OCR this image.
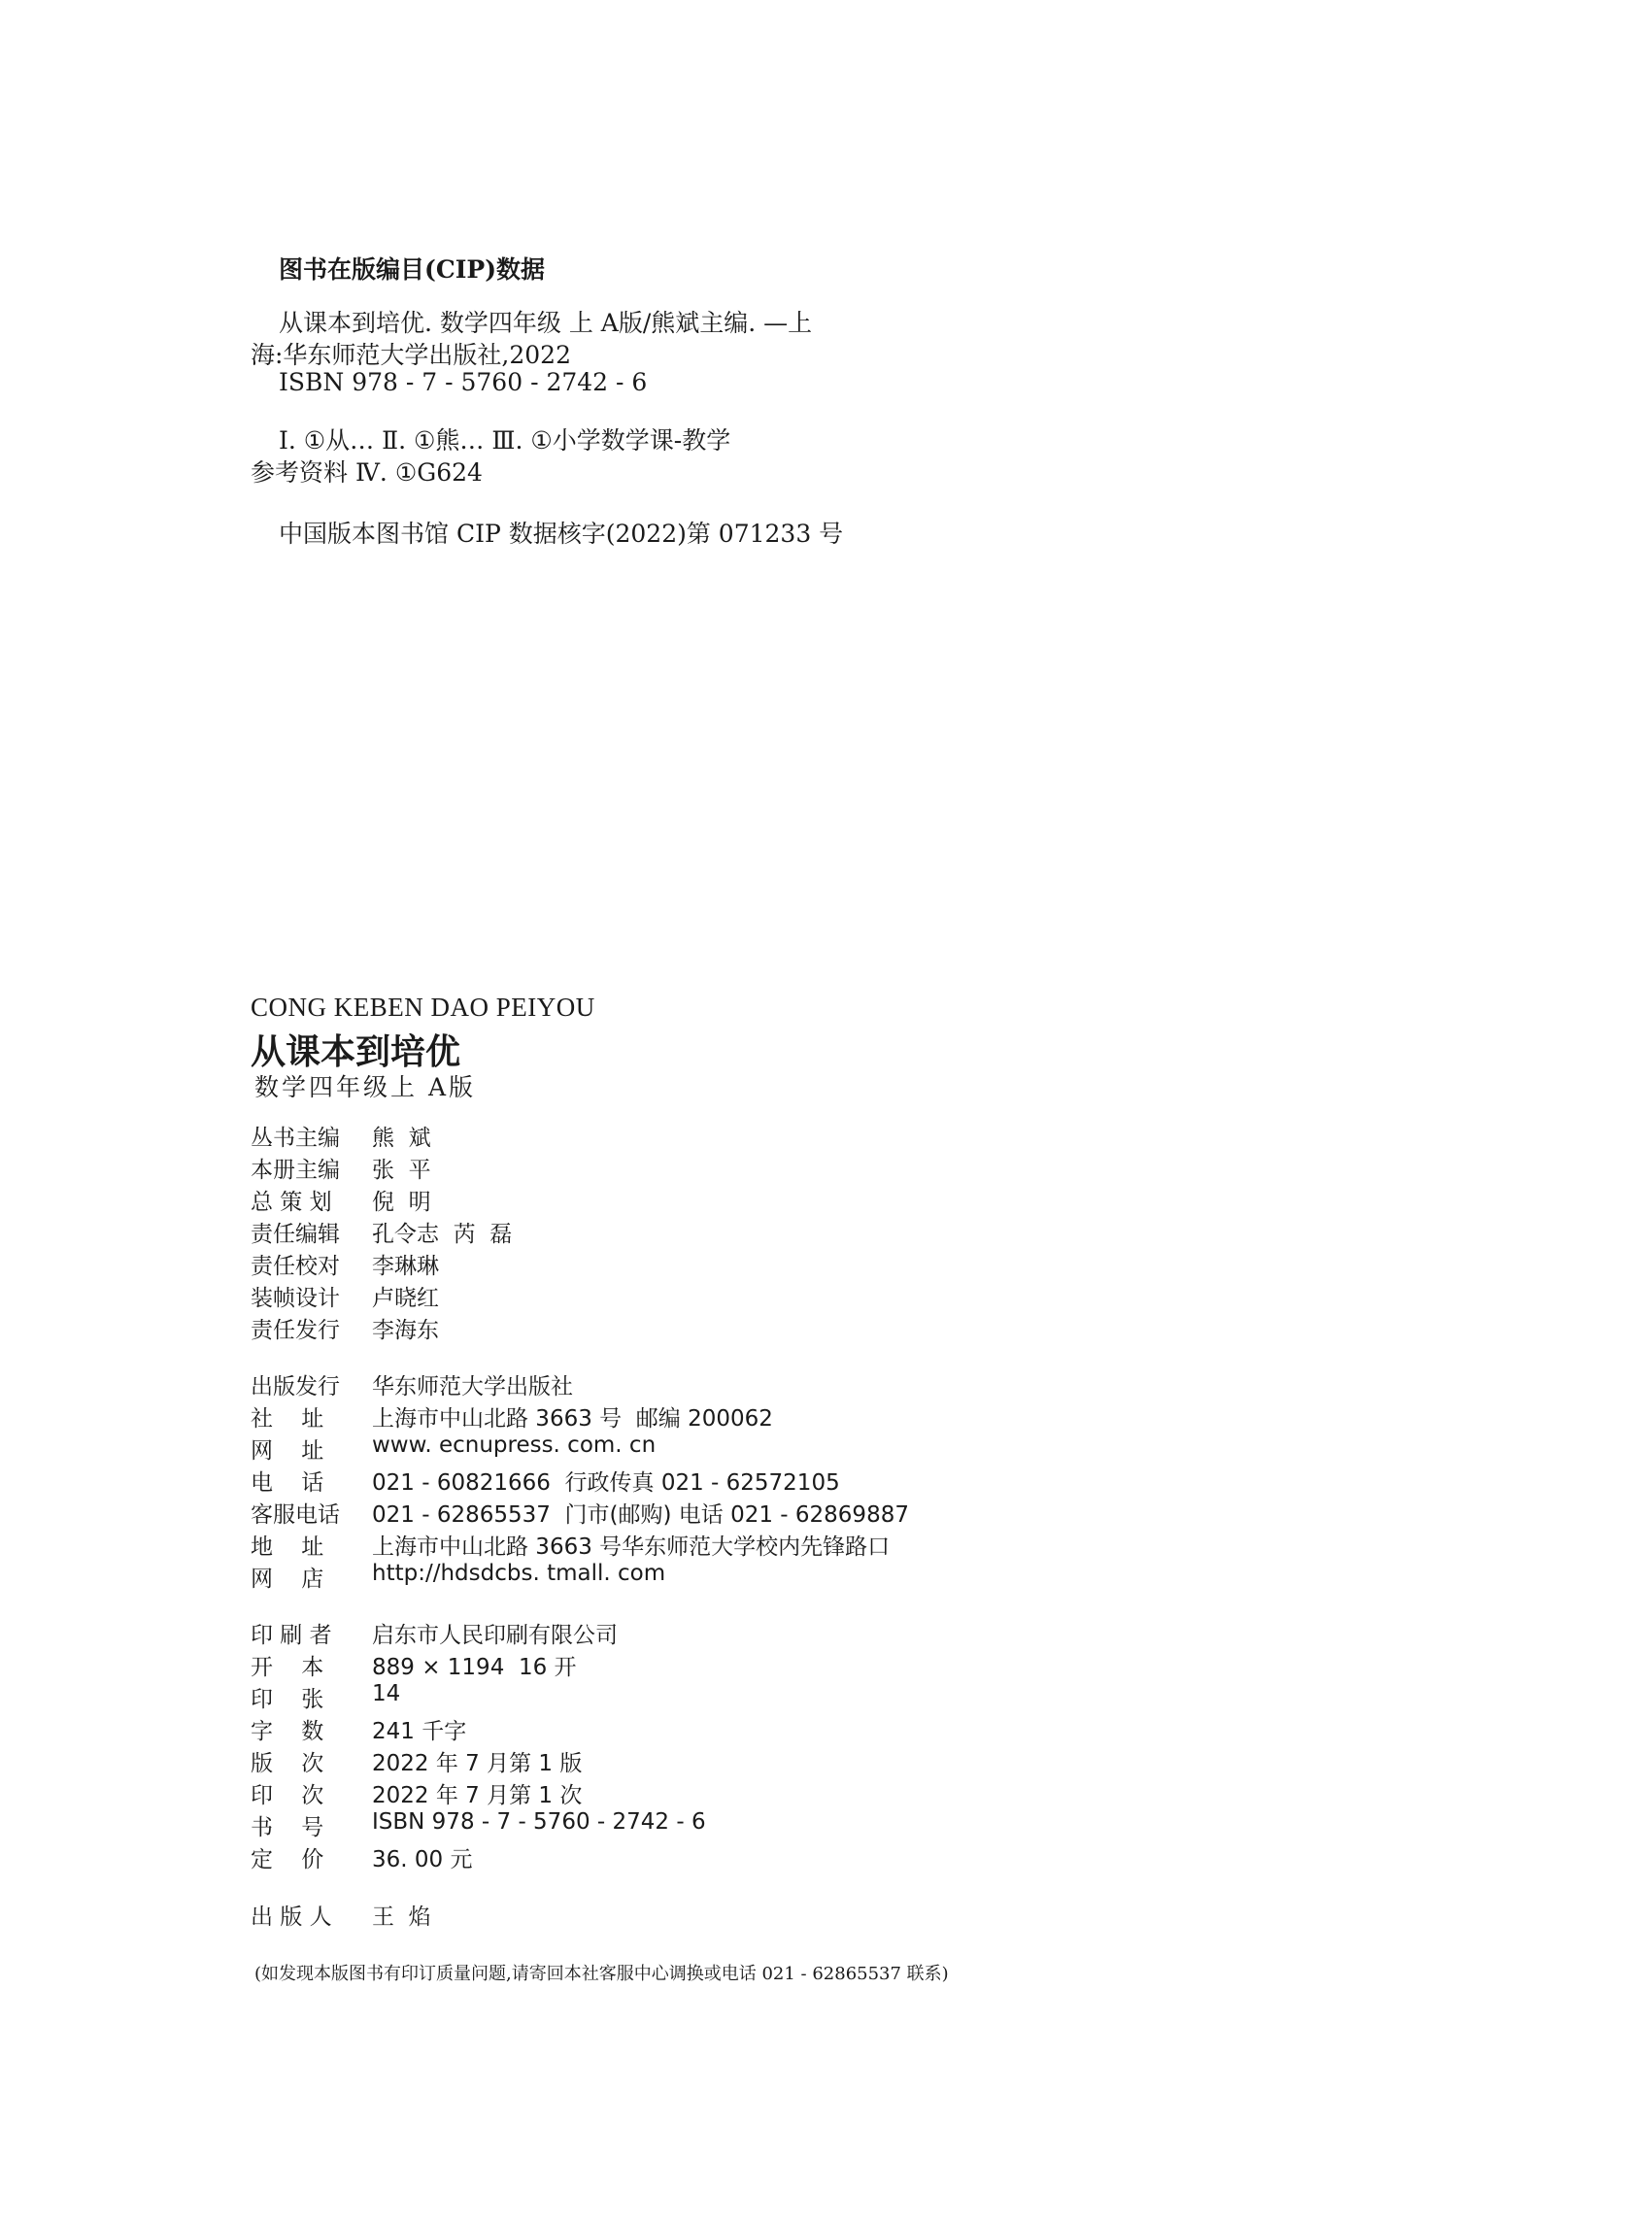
图书在版编目(CIP)数据
从课本到培优. 数学四年级 上 A版/熊斌主编. —上
海:华东师范大学出版社,2022
ISBN 978 - 7 - 5760 - 2742 - 6
Ⅰ. ①从… Ⅱ. ①熊… Ⅲ. ①小学数学课-教学
参考资料 Ⅳ. ①G624
中国版本图书馆 CIP 数据核字(2022)第 071233 号
CONG KEBEN DAO PEIYOU
从课本到培优
数学四年级上 A版
丛书主编	熊  斌
本册主编	张  平
总 策 划	倪  明
责任编辑	孔令志  芮  磊
责任校对	李琳琳
装帧设计	卢晓红
责任发行	李海东
出版发行	华东师范大学出版社
社    址	上海市中山北路 3663 号  邮编 200062
网    址	www. ecnupress. com. cn
电    话	021 - 60821666  行政传真 021 - 62572105
客服电话	021 - 62865537  门市(邮购) 电话 021 - 62869887
地    址	上海市中山北路 3663 号华东师范大学校内先锋路口
网    店	http://hdsdcbs. tmall. com
印 刷 者	启东市人民印刷有限公司
开    本	889 × 1194  16 开
印    张	14
字    数	241 千字
版    次	2022 年 7 月第 1 版
印    次	2022 年 7 月第 1 次
书    号	ISBN 978 - 7 - 5760 - 2742 - 6
定    价	36. 00 元
出 版 人	王  焰
(如发现本版图书有印订质量问题,请寄回本社客服中心调换或电话 021 - 62865537 联系)
